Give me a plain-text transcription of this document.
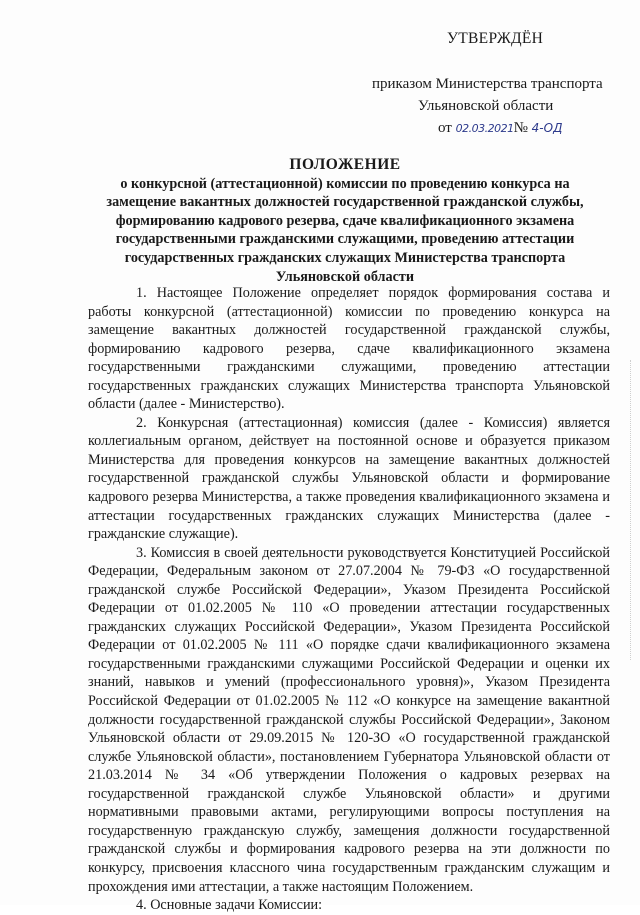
УТВЕРЖДЁН
приказом Министерства транспорта
Ульяновской области
от 02.03.2021№ 4-ОД
ПОЛОЖЕНИЕ
о конкурсной (аттестационной) комиссии по проведению конкурса на замещение вакантных должностей государственной гражданской службы, формированию кадрового резерва, сдаче квалификационного экзамена государственными гражданскими служащими, проведению аттестации государственных гражданских служащих Министерства транспорта Ульяновской области

1. Настоящее Положение определяет порядок формирования состава и работы конкурсной (аттестационной) комиссии по проведению конкурса на замещение вакантных должностей государственной гражданской службы, формированию кадрового резерва, сдаче квалификационного экзамена государственными гражданскими служащими, проведению аттестации государственных гражданских служащих Министерства транспорта Ульяновской области (далее - Министерство).

2. Конкурсная (аттестационная) комиссия (далее - Комиссия) является коллегиальным органом, действует на постоянной основе и образуется приказом Министерства для проведения конкурсов на замещение вакантных должностей государственной гражданской службы Ульяновской области и формирование кадрового резерва Министерства, а также проведения квалификационного экзамена и аттестации государственных гражданских служащих Министерства (далее - гражданские служащие).

3. Комиссия в своей деятельности руководствуется Конституцией Российской Федерации, Федеральным законом от 27.07.2004 № 79-ФЗ «О государственной гражданской службе Российской Федерации», Указом Президента Российской Федерации от 01.02.2005 № 110 «О проведении аттестации государственных гражданских служащих Российской Федерации», Указом Президента Российской Федерации от 01.02.2005 № 111 «О порядке сдачи квалификационного экзамена государственными гражданскими служащими Российской Федерации и оценки их знаний, навыков и умений (профессионального уровня)», Указом Президента Российской Федерации от 01.02.2005 № 112 «О конкурсе на замещение вакантной должности государственной гражданской службы Российской Федерации», Законом Ульяновской области от 29.09.2015 № 120-ЗО «О государственной гражданской службе Ульяновской области», постановлением Губернатора Ульяновской области от 21.03.2014 № 34 «Об утверждении Положения о кадровых резервах на государственной гражданской службе Ульяновской области» и другими нормативными правовыми актами, регулирующими вопросы поступления на государственную гражданскую службу, замещения должности государственной гражданской службы и формирования кадрового резерва на эти должности по конкурсу, присвоения классного чина государственным гражданским служащим и прохождения ими аттестации, а также настоящим Положением.

4. Основные задачи Комиссии:
